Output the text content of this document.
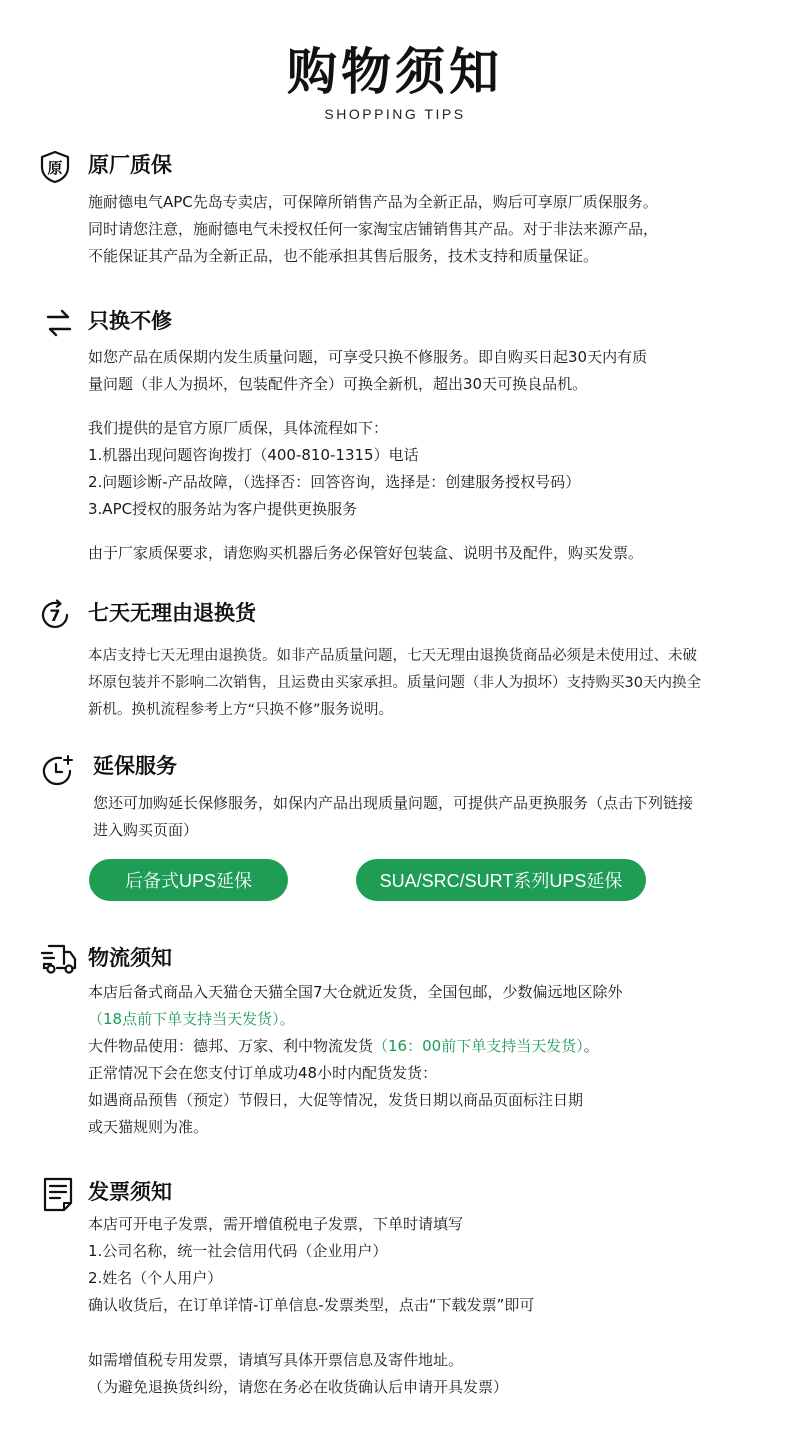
购物须知
SHOPPING TIPS
原 原厂质保
施耐德电气APC先岛专卖店，可保障所销售产品为全新正品，购后可享原厂质保服务。
同时请您注意，施耐德电气未授权任何一家淘宝店铺销售其产品。对于非法来源产品，
不能保证其产品为全新正品，也不能承担其售后服务，技术支持和质量保证。
只换不修
如您产品在质保期内发生质量问题，可享受只换不修服务。即自购买日起30天内有质
量问题（非人为损坏，包装配件齐全）可换全新机，超出30天可换良品机。
我们提供的是官方原厂质保，具体流程如下：
1.机器出现问题咨询拨打（400-810-1315）电话
2.问题诊断-产品故障，（选择否：回答咨询，选择是：创建服务授权号码）
3.APC授权的服务站为客户提供更换服务
由于厂家质保要求，请您购买机器后务必保管好包装盒、说明书及配件，购买发票。
7 七天无理由退换货
本店支持七天无理由退换货。如非产品质量问题，七天无理由退换货商品必须是未使用过、未破
坏原包装并不影响二次销售，且运费由买家承担。质量问题（非人为损坏）支持购买30天内换全
新机。换机流程参考上方“只换不修”服务说明。
延保服务
您还可加购延长保修服务，如保内产品出现质量问题，可提供产品更换服务（点击下列链接
进入购买页面）
后备式UPS延保	SUA/SRC/SURT系列UPS延保
物流须知
本店后备式商品入天猫仓天猫全国7大仓就近发货，全国包邮，少数偏远地区除外
（18点前下单支持当天发货）。
大件物品使用：德邦、万家、利中物流发货（16：00前下单支持当天发货）。
正常情况下会在您支付订单成功48小时内配货发货：
如遇商品预售（预定）节假日，大促等情况，发货日期以商品页面标注日期
或天猫规则为准。
发票须知
本店可开电子发票，需开增值税电子发票，下单时请填写
1.公司名称，统一社会信用代码（企业用户）
2.姓名（个人用户）
确认收货后，在订单详情-订单信息-发票类型，点击“下载发票”即可
如需增值税专用发票，请填写具体开票信息及寄件地址。
（为避免退换货纠纷，请您在务必在收货确认后申请开具发票）
